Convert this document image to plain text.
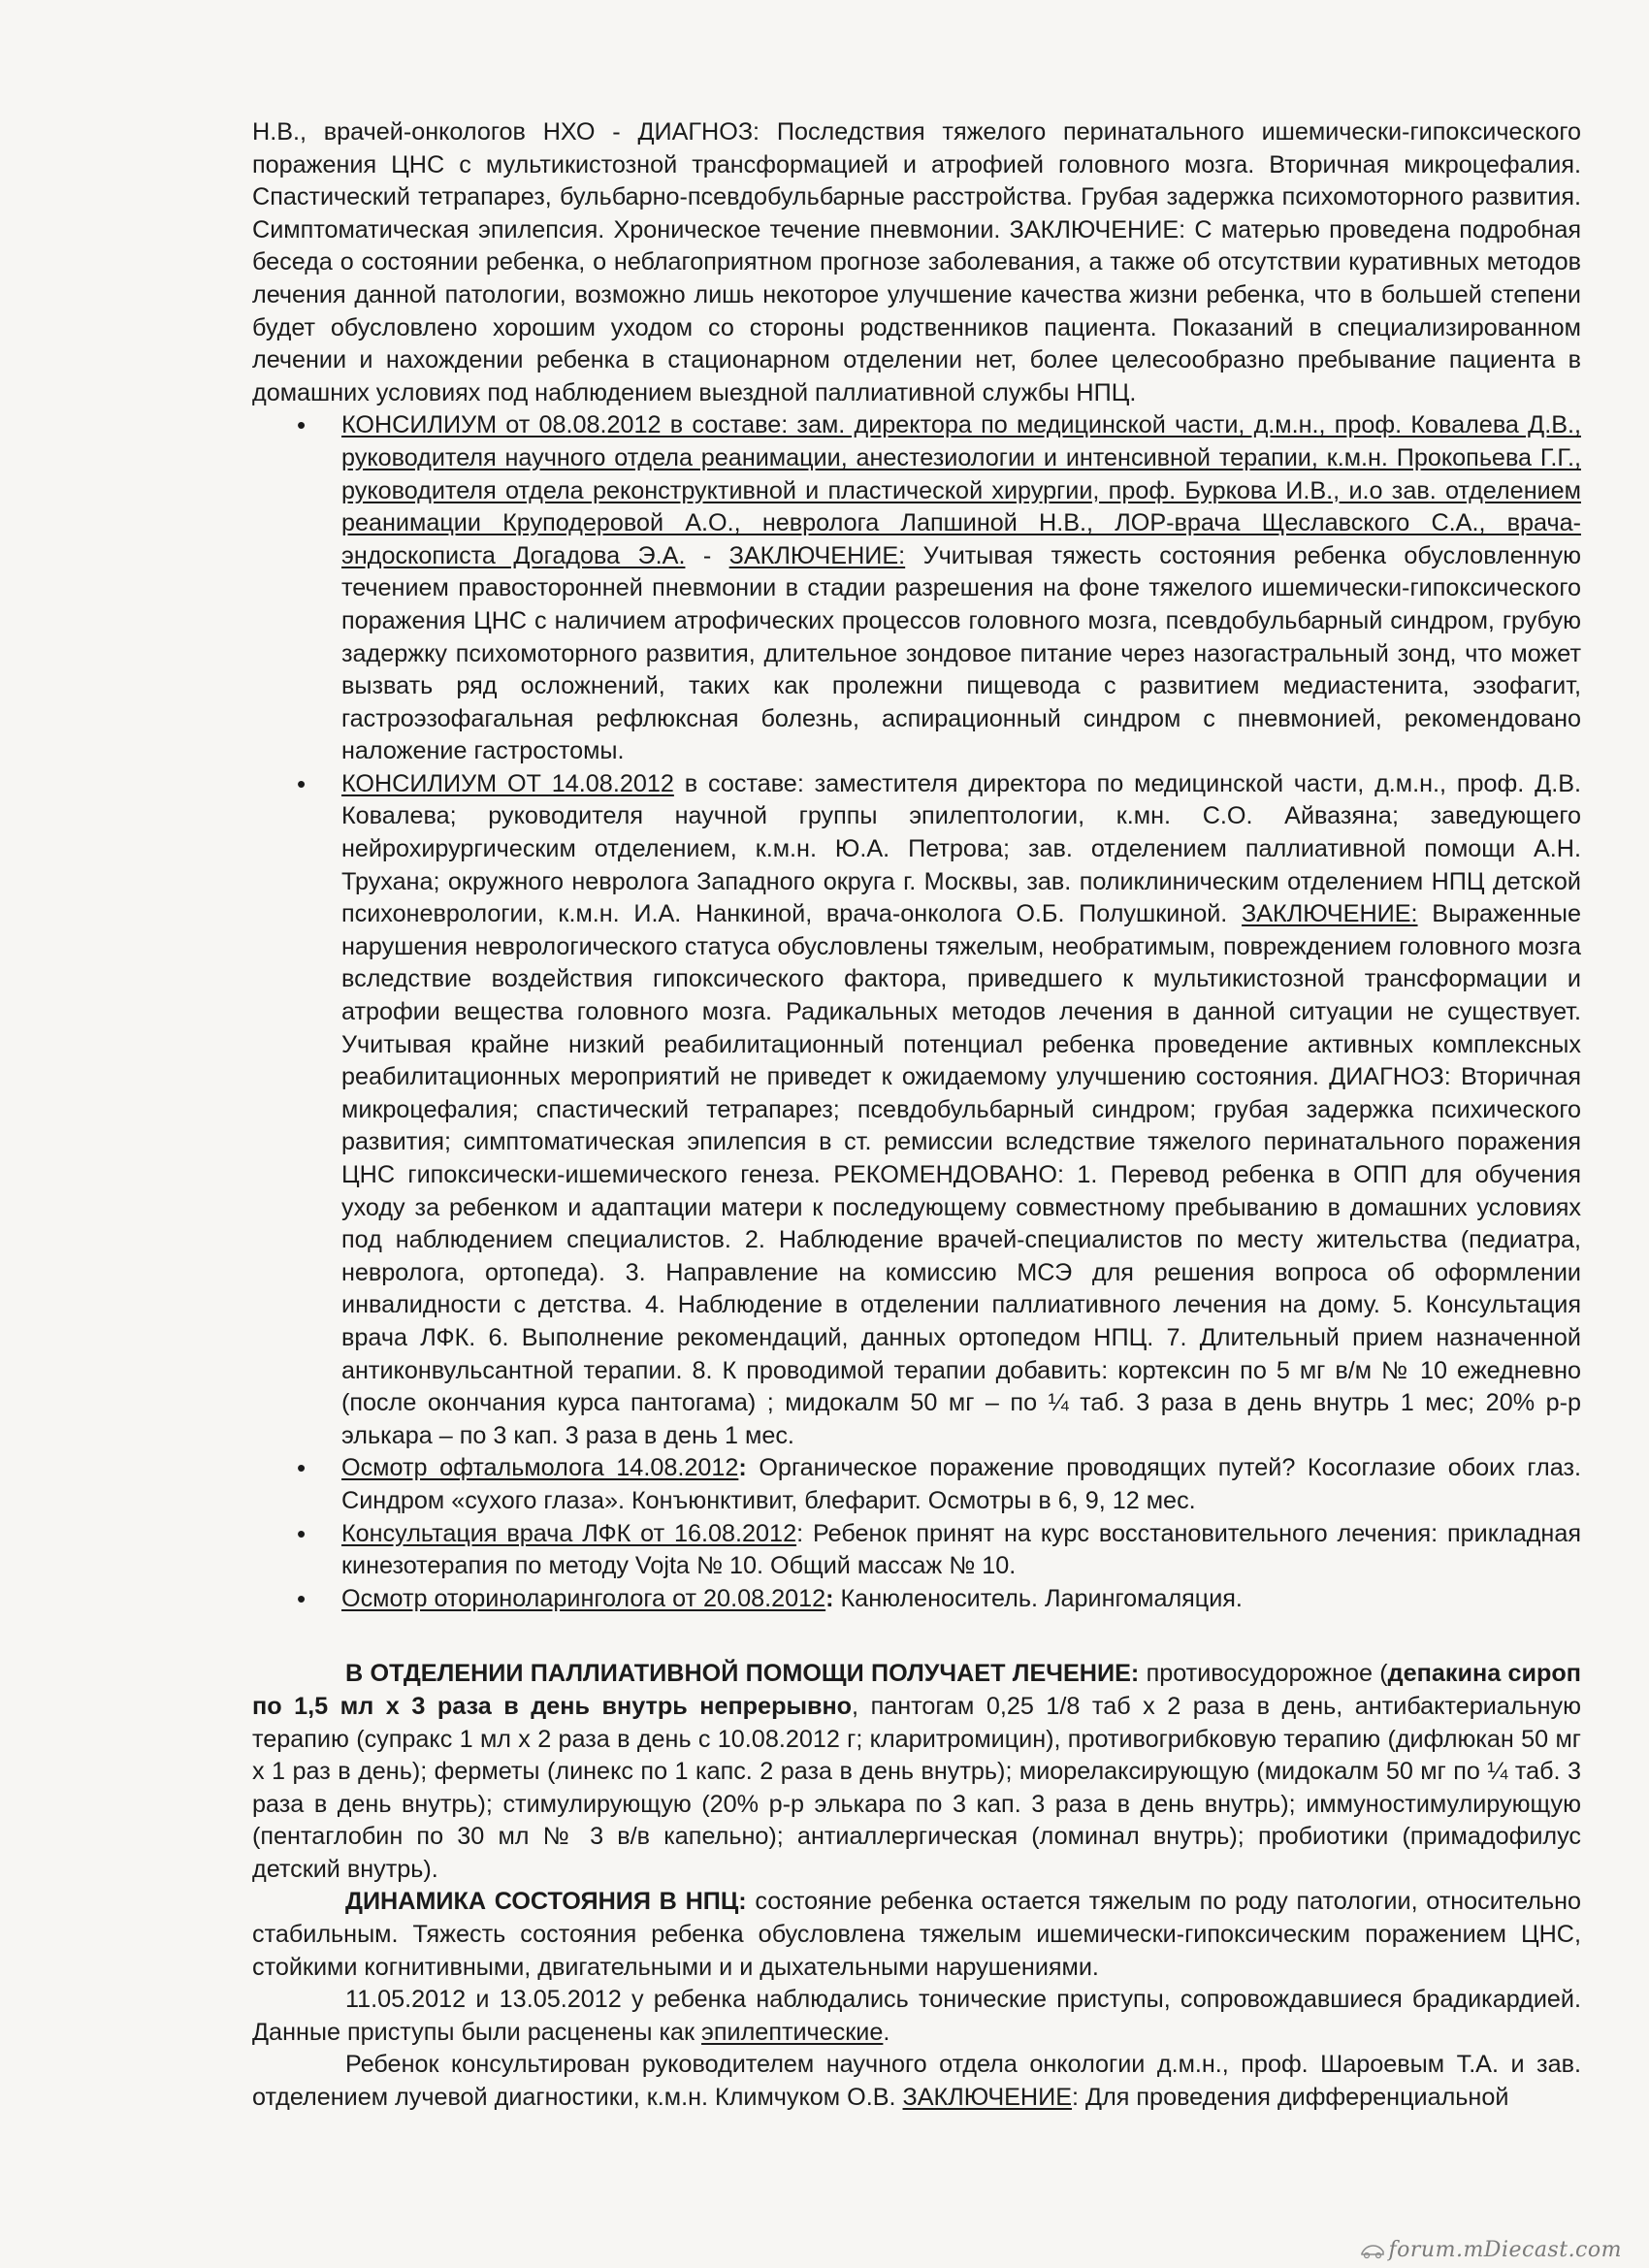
Н.В., врачей-онкологов НХО - ДИАГНОЗ: Последствия тяжелого перинатального ишемически-гипоксического поражения ЦНС с мультикистозной трансформацией и атрофией головного мозга. Вторичная микроцефалия. Спастический тетрапарез, бульбарно-псевдобульбарные расстройства. Грубая задержка психомоторного развития. Симптоматическая эпилепсия. Хроническое течение пневмонии. ЗАКЛЮЧЕНИЕ: С матерью проведена подробная беседа о состоянии ребенка, о неблагоприятном прогнозе заболевания, а также об отсутствии куративных методов лечения данной патологии, возможно лишь некоторое улучшение качества жизни ребенка, что в большей степени будет обусловлено хорошим уходом со стороны родственников пациента. Показаний в специализированном лечении и нахождении ребенка в стационарном отделении нет, более целесообразно пребывание пациента в домашних условиях под наблюдением выездной паллиативной службы НПЦ.

• КОНСИЛИУМ от 08.08.2012 в составе: зам. директора по медицинской части, д.м.н., проф. Ковалева Д.В., руководителя научного отдела реанимации, анестезиологии и интенсивной терапии, к.м.н. Прокопьева Г.Г., руководителя отдела реконструктивной и пластической хирургии, проф. Буркова И.В., и.о зав. отделением реанимации Круподеровой А.О., невролога Лапшиной Н.В., ЛОР-врача Щеславского С.А., врача-эндоскописта Догадова Э.А. - ЗАКЛЮЧЕНИЕ: Учитывая тяжесть состояния ребенка обусловленную течением правосторонней пневмонии в стадии разрешения на фоне тяжелого ишемически-гипоксического поражения ЦНС с наличием атрофических процессов головного мозга, псевдобульбарный синдром, грубую задержку психомоторного развития, длительное зондовое питание через назогастральный зонд, что может вызвать ряд осложнений, таких как пролежни пищевода с развитием медиастенита, эзофагит, гастроэзофагальная рефлюксная болезнь, аспирационный синдром с пневмонией, рекомендовано наложение гастростомы.
• КОНСИЛИУМ ОТ 14.08.2012 в составе: заместителя директора по медицинской части, д.м.н., проф. Д.В. Ковалева; руководителя научной группы эпилептологии, к.мн. С.О. Айвазяна; заведующего нейрохирургическим отделением, к.м.н. Ю.А. Петрова; зав. отделением паллиативной помощи А.Н. Трухана; окружного невролога Западного округа г. Москвы, зав. поликлиническим отделением НПЦ детской психоневрологии, к.м.н. И.А. Нанкиной, врача-онколога О.Б. Полушкиной. ЗАКЛЮЧЕНИЕ: Выраженные нарушения неврологического статуса обусловлены тяжелым, необратимым, повреждением головного мозга вследствие воздействия гипоксического фактора, приведшего к мультикистозной трансформации и атрофии вещества головного мозга. Радикальных методов лечения в данной ситуации не существует. Учитывая крайне низкий реабилитационный потенциал ребенка проведение активных комплексных реабилитационных мероприятий не приведет к ожидаемому улучшению состояния. ДИАГНОЗ: Вторичная микроцефалия; спастический тетрапарез; псевдобульбарный синдром; грубая задержка психического развития; симптоматическая эпилепсия в ст. ремиссии вследствие тяжелого перинатального поражения ЦНС гипоксически-ишемического генеза. РЕКОМЕНДОВАНО: 1. Перевод ребенка в ОПП для обучения уходу за ребенком и адаптации матери к последующему совместному пребыванию в домашних условиях под наблюдением специалистов. 2. Наблюдение врачей-специалистов по месту жительства (педиатра, невролога, ортопеда). 3. Направление на комиссию МСЭ для решения вопроса об оформлении инвалидности с детства. 4. Наблюдение в отделении паллиативного лечения на дому. 5. Консультация врача ЛФК. 6. Выполнение рекомендаций, данных ортопедом НПЦ. 7. Длительный прием назначенной антиконвульсантной терапии. 8. К проводимой терапии добавить: кортексин по 5 мг в/м № 10 ежедневно (после окончания курса пантогама) ; мидокалм 50 мг – по ¼ таб. 3 раза в день внутрь 1 мес; 20% р-р элькара – по 3 кап. 3 раза в день 1 мес.
• Осмотр офтальмолога 14.08.2012: Органическое поражение проводящих путей? Косоглазие обоих глаз. Синдром «сухого глаза». Конъюнктивит, блефарит. Осмотры в 6, 9, 12 мес.
• Консультация врача ЛФК от 16.08.2012: Ребенок принят на курс восстановительного лечения: прикладная кинезотерапия по методу Vojta № 10. Общий массаж № 10.
• Осмотр оториноларинголога от 20.08.2012: Канюленоситель. Ларингомаляция.

В ОТДЕЛЕНИИ ПАЛЛИАТИВНОЙ ПОМОЩИ ПОЛУЧАЕТ ЛЕЧЕНИЕ: противосудорожное (депакина сироп по 1,5 мл х 3 раза в день внутрь непрерывно, пантогам 0,25 1/8 таб х 2 раза в день, антибактериальную терапию (супракс 1 мл х 2 раза в день с 10.08.2012 г; кларитромицин), противогрибковую терапию (дифлюкан 50 мг х 1 раз в день); ферметы (линекс по 1 капс. 2 раза в день внутрь); миорелаксирующую (мидокалм 50 мг по ¼ таб. 3 раза в день внутрь); стимулирующую (20% р-р элькара по 3 кап. 3 раза в день внутрь); иммуностимулирующую (пентаглобин по 30 мл № 3 в/в капельно); антиаллергическая (ломинал внутрь); пробиотики (примадофилус детский внутрь).

ДИНАМИКА СОСТОЯНИЯ В НПЦ: состояние ребенка остается тяжелым по роду патологии, относительно стабильным. Тяжесть состояния ребенка обусловлена тяжелым ишемически-гипоксическим поражением ЦНС, стойкими когнитивными, двигательными и и дыхательными нарушениями.

11.05.2012 и 13.05.2012 у ребенка наблюдались тонические приступы, сопровождавшиеся брадикардией. Данные приступы были расценены как эпилептические.

Ребенок консультирован руководителем научного отдела онкологии д.м.н., проф. Шароевым Т.А. и зав. отделением лучевой диагностики, к.м.н. Климчуком О.В. ЗАКЛЮЧЕНИЕ: Для проведения дифференциальной

forum.mDiecast.com
